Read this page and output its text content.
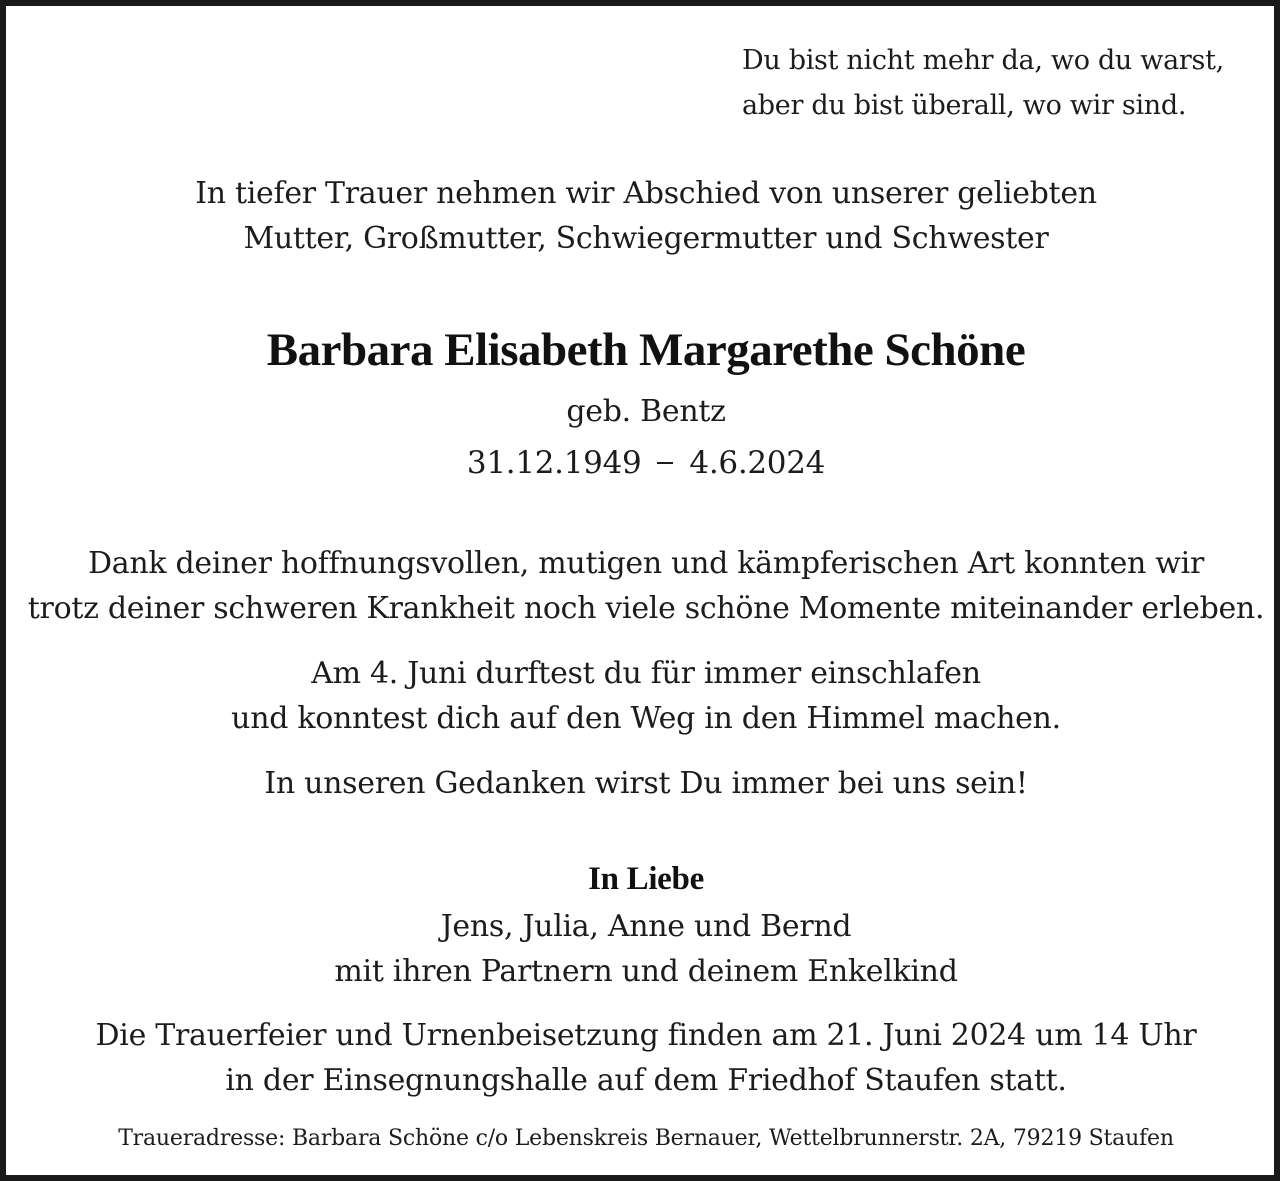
Du bist nicht mehr da, wo du warst,
aber du bist überall, wo wir sind.
In tiefer Trauer nehmen wir Abschied von unserer geliebten
Mutter, Großmutter, Schwiegermutter und Schwester
Barbara Elisabeth Margarethe Schöne
geb. Bentz
31.12.1949 4.6.2024
Dank deiner hoffnungsvollen, mutigen und kämpferischen Art konnten wir
trotz deiner schweren Krankheit noch viele schöne Momente miteinander erleben.
Am 4. Juni durftest du für immer einschlafen
und konntest dich auf den Weg in den Himmel machen.
In unseren Gedanken wirst Du immer bei uns sein!
In Liebe
Jens, Julia, Anne und Bernd
mit ihren Partnern und deinem Enkelkind
Die Trauerfeier und Urnenbeisetzung finden am 21. Juni 2024 um 14 Uhr
in der Einsegnungshalle auf dem Friedhof Staufen statt.
Traueradresse: Barbara Schöne c/o Lebenskreis Bernauer, Wettelbrunnerstr. 2A, 79219 Staufen
